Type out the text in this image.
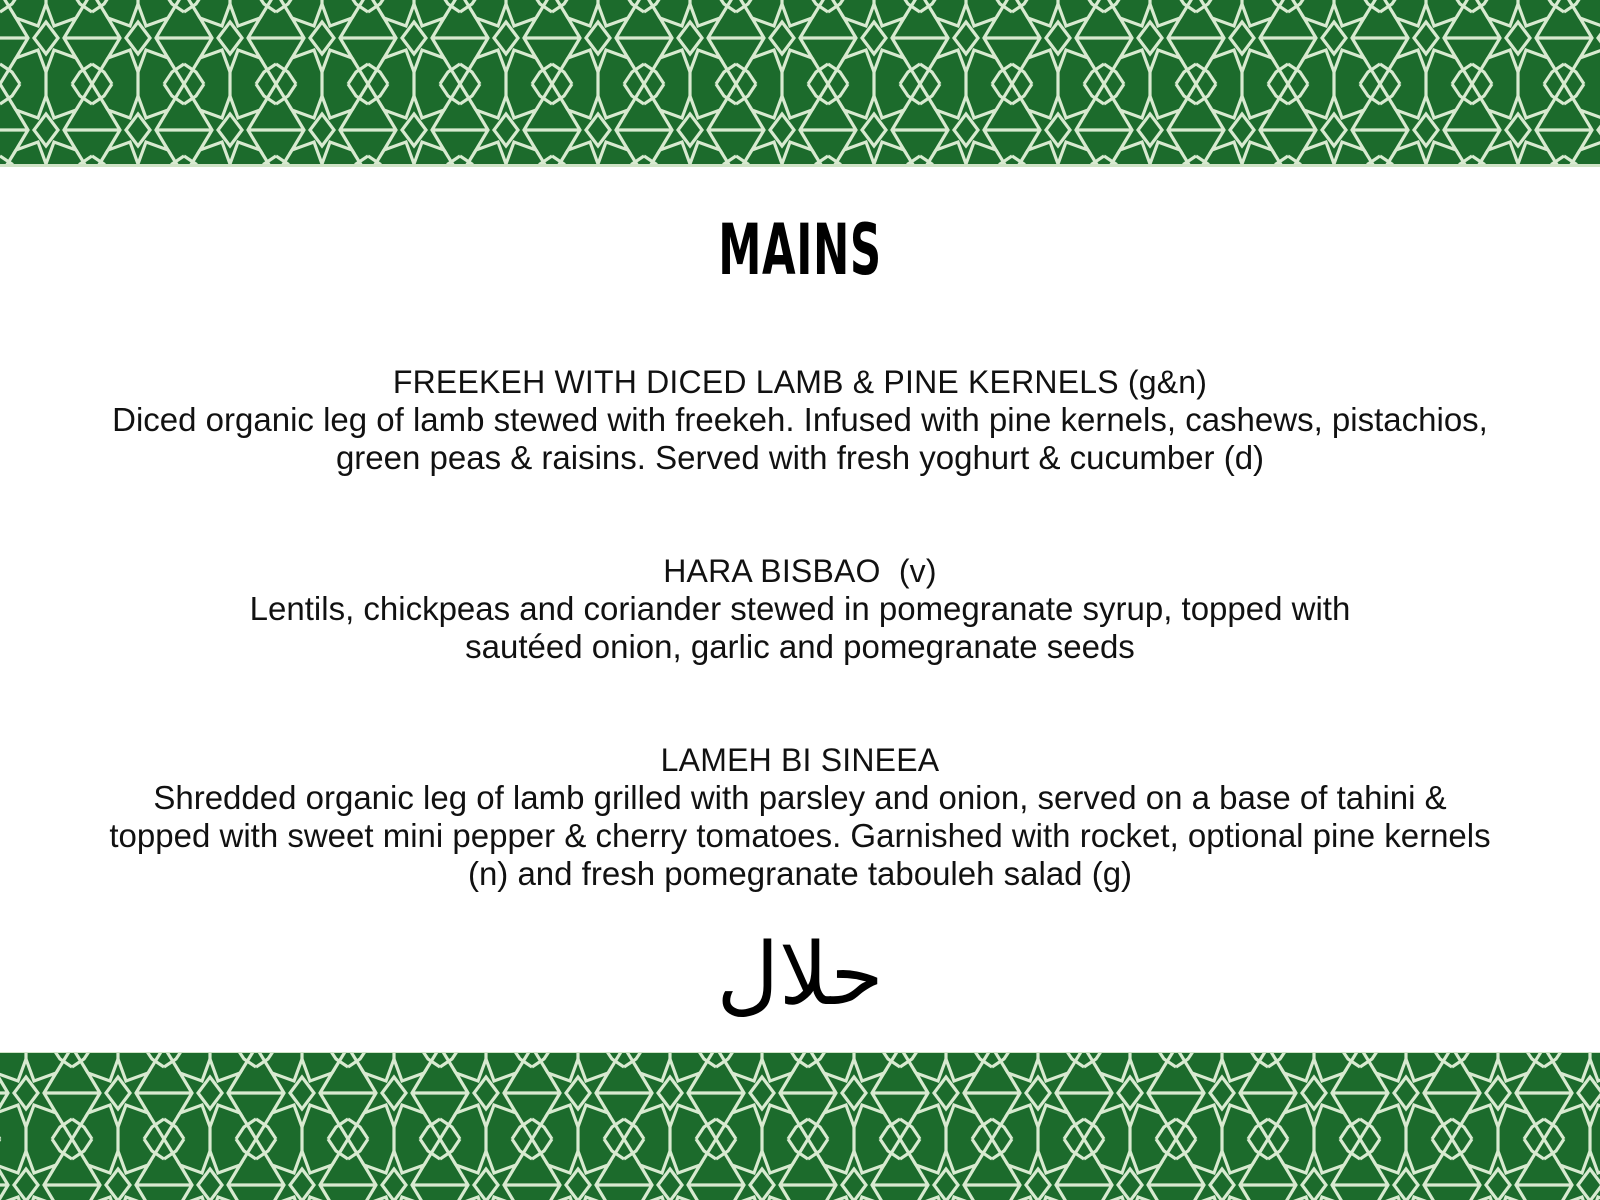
MAINS
FREEKEH WITH DICED LAMB & PINE KERNELS (g&n)
Diced organic leg of lamb stewed with freekeh. Infused with pine kernels, cashews, pistachios, green peas & raisins. Served with fresh yoghurt & cucumber (d)
HARA BISBAO  (v)
Lentils, chickpeas and coriander stewed in pomegranate syrup, topped with sautéed onion, garlic and pomegranate seeds
LAMEH BI SINEEA
Shredded organic leg of lamb grilled with parsley and onion, served on a base of tahini & topped with sweet mini pepper & cherry tomatoes. Garnished with rocket, optional pine kernels (n) and fresh pomegranate tabouleh salad (g)
حلال
